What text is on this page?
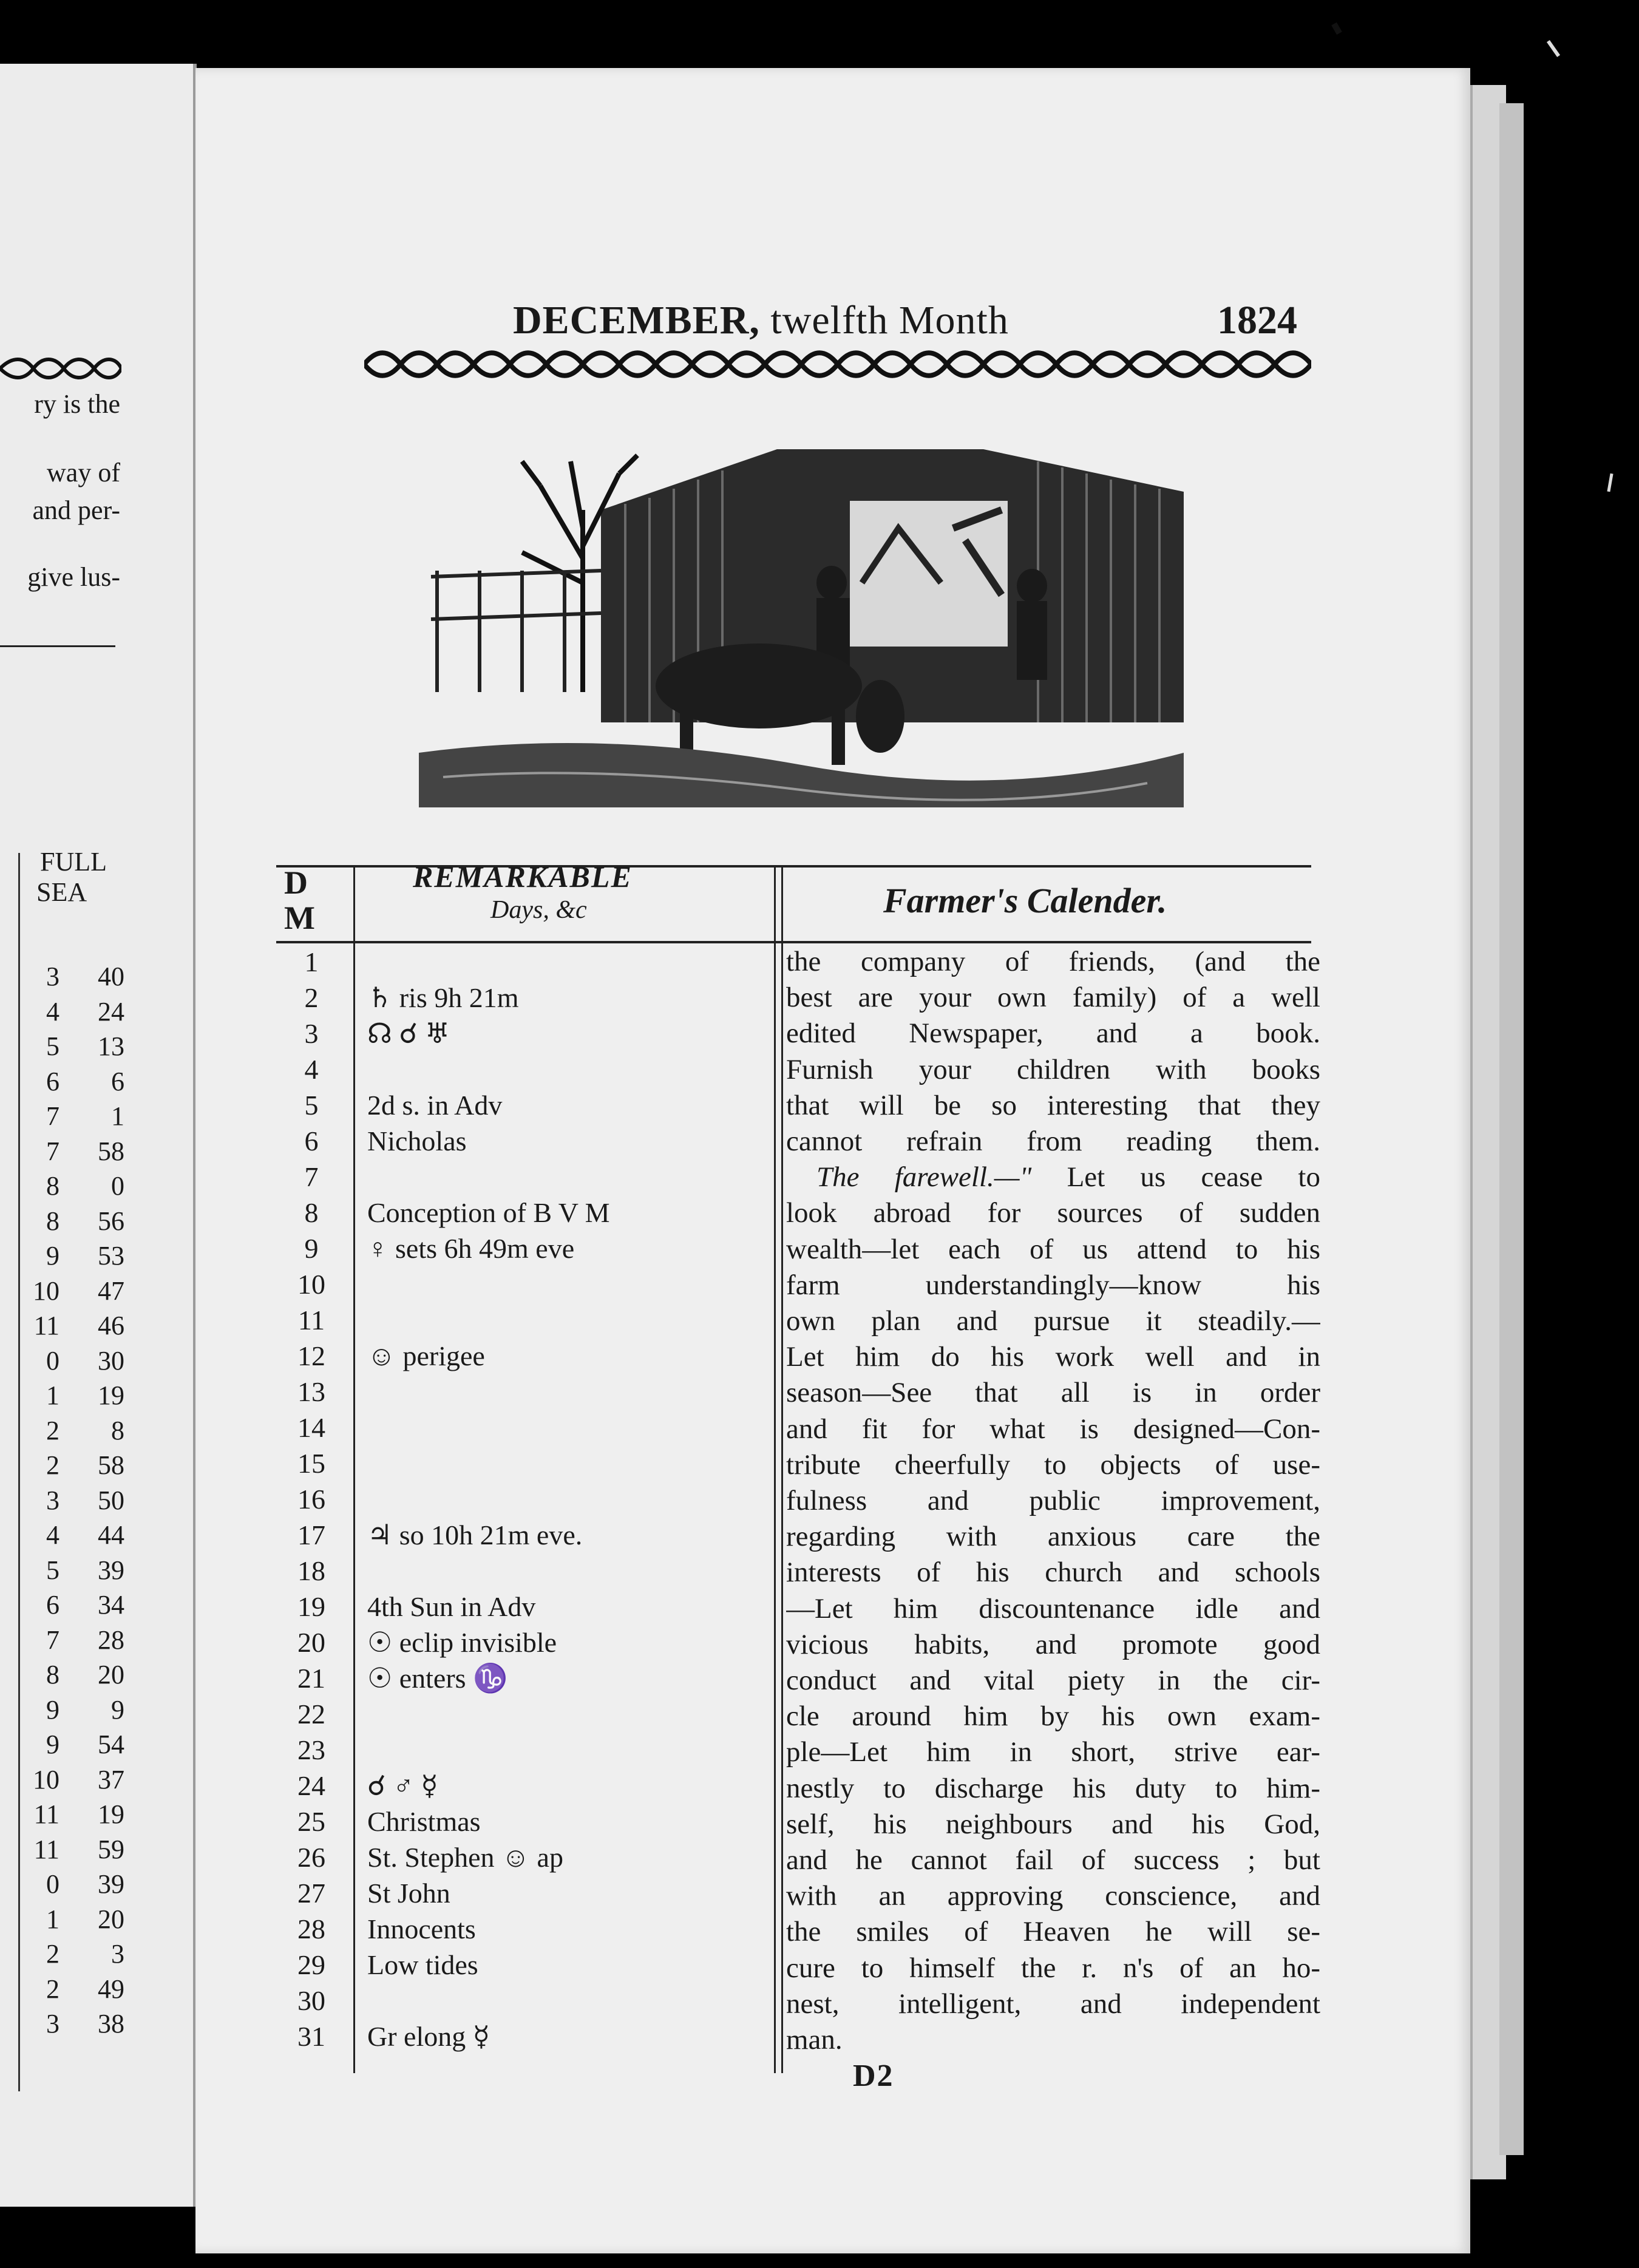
ry is the
way of
and per-
give lus-
FULL
SEA
3
4
5
6
7
7
8
8
9
10
11
0
1
2
2
3
4
5
6
7
8
9
9
10
11
11
0
1
2
2
3
40
24
13
6
1
58
0
56
53
47
46
30
19
8
58
50
44
39
34
28
20
9
54
37
19
59
39
20
3
49
38
DECEMBER, twelfth Month	1824
D
M
REMARKABLE
Days, &c	Farmer's Calender.
1
2
3
4
5
6
7
8
9
10
11
12
13
14
15
16
17
18
19
20
21
22
23
24
25
26
27
28
29
30
31
♄ ris 9h 21m
☊ ☌ ♅
2d s. in Adv
Nicholas
Conception of B V M
♀ sets 6h 49m eve
☺ perigee
♃ so 10h 21m eve.
4th Sun in Adv
☉ eclip invisible
☉ enters ♑
☌ ♂ ☿
Christmas
St. Stephen ☺ ap
St John
Innocents
Low tides
Gr elong ☿
the company of friends, (and the
best are your own family) of a well
edited Newspaper, and a book.
Furnish your children with books
that will be so interesting that they
cannot refrain from reading them.
The farewell.—" Let us cease to
look abroad for sources of sudden
wealth—let each of us attend to his
farm understandingly—know his
own plan and pursue it steadily.—
Let him do his work well and in
season—See that all is in order
and fit for what is designed—Con-
tribute cheerfully to objects of use-
fulness and public improvement,
regarding with anxious care the
interests of his church and schools
—Let him discountenance idle and
vicious habits, and promote good
conduct and vital piety in the cir-
cle around him by his own exam-
ple—Let him in short, strive ear-
nestly to discharge his duty to him-
self, his neighbours and his God,
and he cannot fail of success ; but
with an approving conscience, and
the smiles of Heaven he will se-
cure to himself the r. n's of an ho-
nest, intelligent, and independent
man.
D2
